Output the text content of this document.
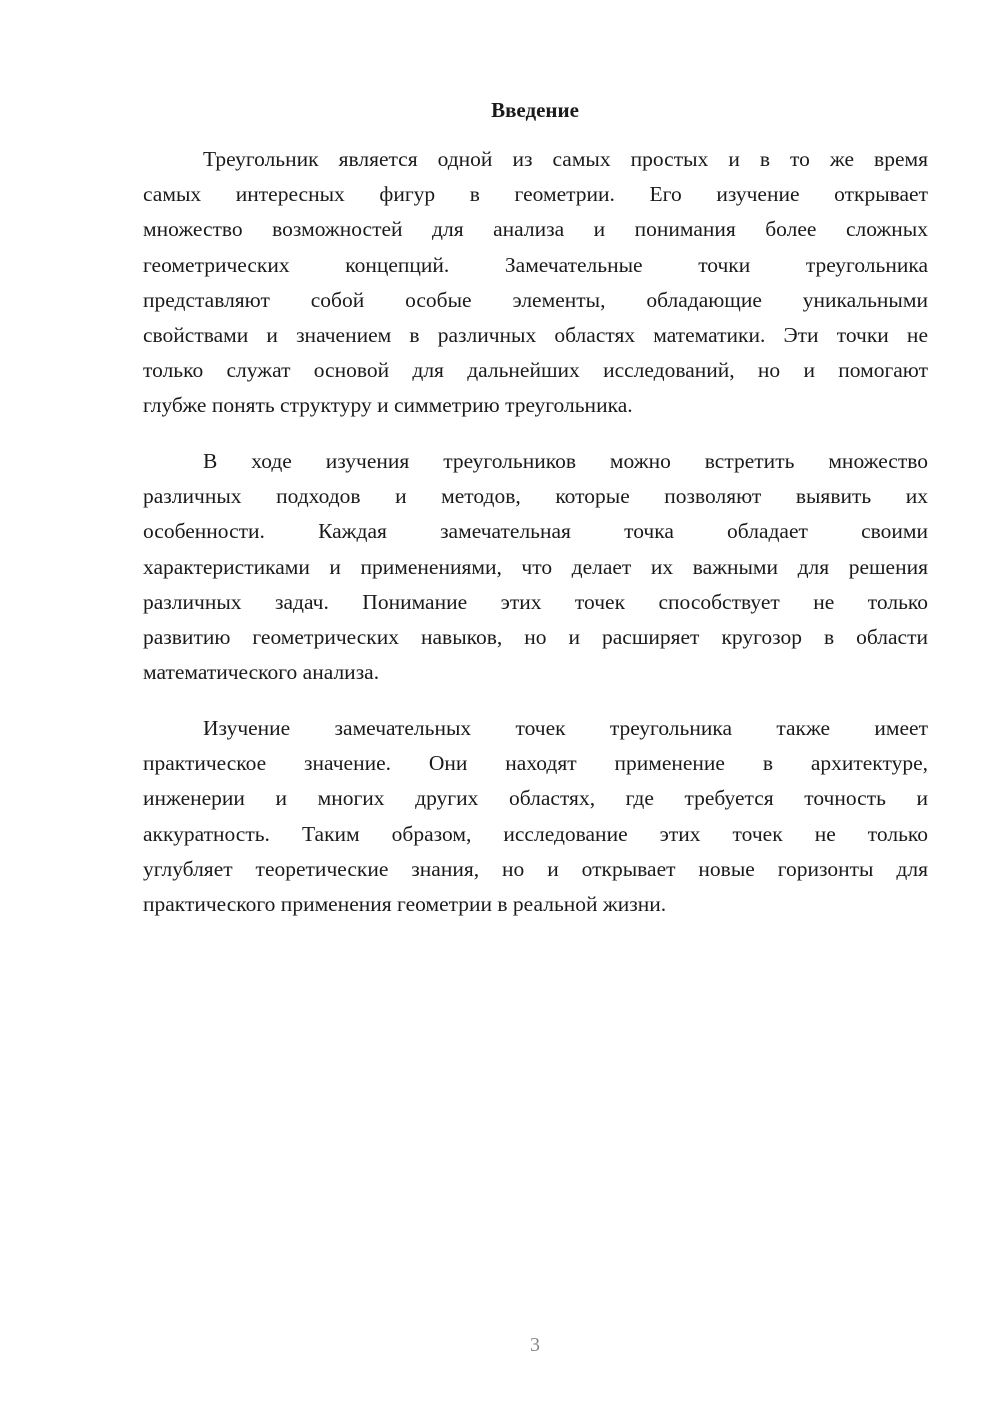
Введение
Треугольник является одной из самых простых и в то же время
самых интересных фигур в геометрии. Его изучение открывает
множество возможностей для анализа и понимания более сложных
геометрических концепций. Замечательные точки треугольника
представляют собой особые элементы, обладающие уникальными
свойствами и значением в различных областях математики. Эти точки не
только служат основой для дальнейших исследований, но и помогают
глубже понять структуру и симметрию треугольника.
В ходе изучения треугольников можно встретить множество
различных подходов и методов, которые позволяют выявить их
особенности. Каждая замечательная точка обладает своими
характеристиками и применениями, что делает их важными для решения
различных задач. Понимание этих точек способствует не только
развитию геометрических навыков, но и расширяет кругозор в области
математического анализа.
Изучение замечательных точек треугольника также имеет
практическое значение. Они находят применение в архитектуре,
инженерии и многих других областях, где требуется точность и
аккуратность. Таким образом, исследование этих точек не только
углубляет теоретические знания, но и открывает новые горизонты для
практического применения геометрии в реальной жизни.
3
